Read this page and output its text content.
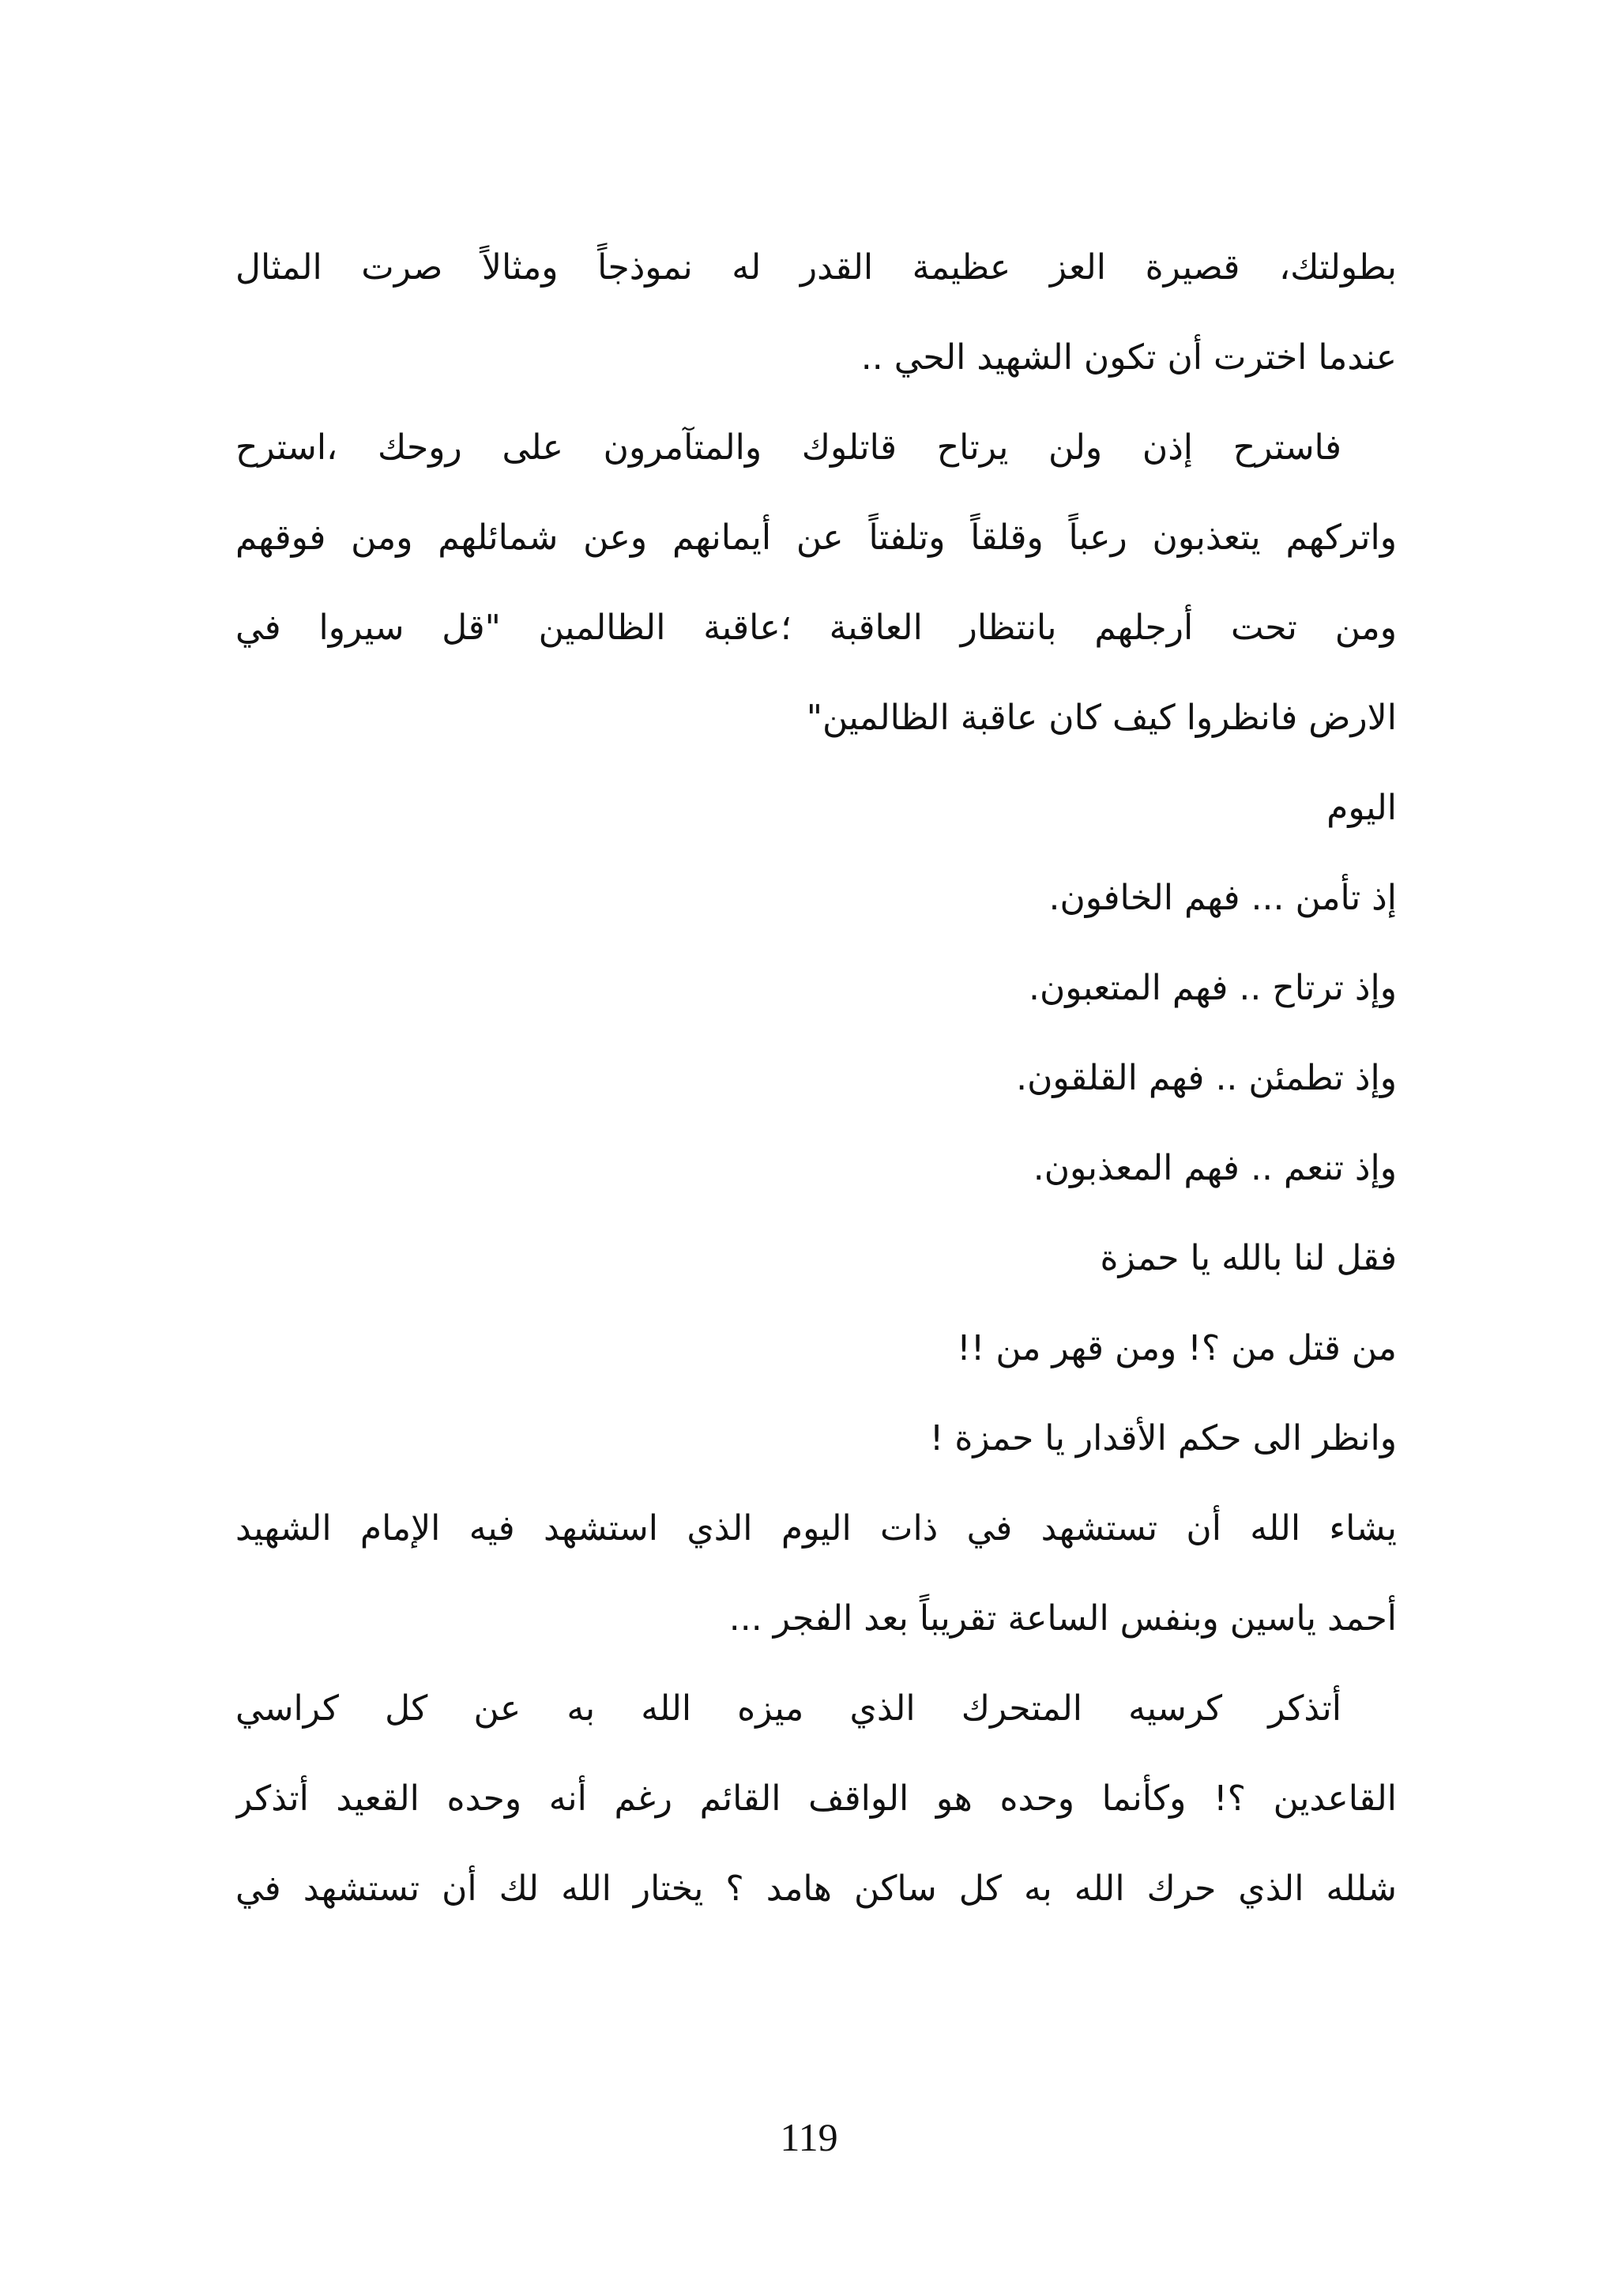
بطولتك، قصيرة العز عظيمة القدر له نموذجاً ومثالاً صرت المثال
عندما اخترت أن تكون الشهيد الحي ..
فاسترح إذن ولن يرتاح قاتلوك والمتآمرون على روحك ،استرح
واتركهم يتعذبون رعباً وقلقاً وتلفتاً عن أيمانهم وعن شمائلهم ومن فوقهم
ومن تحت أرجلهم بانتظار العاقبة ؛عاقبة الظالمين "قل سيروا في
الارض فانظروا كيف كان عاقبة الظالمين"
اليوم
إذ تأمن ... فهم الخافون.
وإذ ترتاح .. فهم المتعبون.
وإذ تطمئن .. فهم القلقون.
وإذ تنعم .. فهم المعذبون.
فقل لنا بالله يا حمزة
من قتل من ؟! ومن قهر من !!
وانظر الى حكم الأقدار يا حمزة !
يشاء الله أن تستشهد في ذات اليوم الذي استشهد فيه الإمام الشهيد
أحمد ياسين وبنفس الساعة تقريباً بعد الفجر ...
أتذكر كرسيه المتحرك الذي ميزه الله به عن كل كراسي
القاعدين ؟! وكأنما وحده هو الواقف القائم رغم أنه وحده القعيد أتذكر
شلله الذي حرك الله به كل ساكن هامد ؟ يختار الله لك أن تستشهد في
119
